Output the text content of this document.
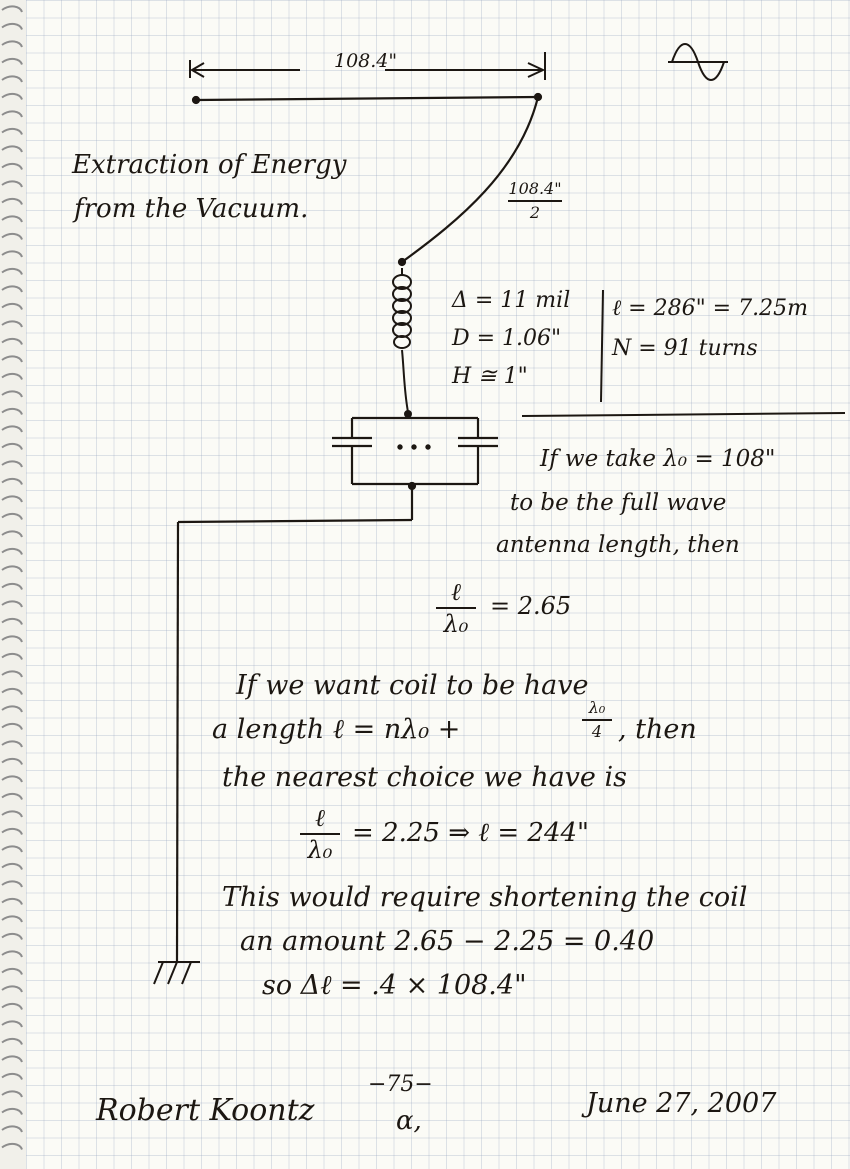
108.4"
Extraction of Energy
from the Vacuum.
108.4"
2
Δ = 11 mil
D = 1.06"
H ≅ 1"
ℓ = 286" = 7.25m
N = 91 turns
If we take λ₀ = 108"
to be the full wave
antenna length, then
ℓ
λ₀
= 2.65
If we want coil to be have
a length ℓ = nλ₀ +
λ₀
4 , then
the nearest choice we have is
ℓ
λ₀
= 2.25 ⇒ ℓ = 244"
This would require shortening the coil
an amount 2.65 − 2.25 = 0.40
so Δℓ = .4 × 108.4"
−75−
α,
Robert Koontz	June 27, 2007
